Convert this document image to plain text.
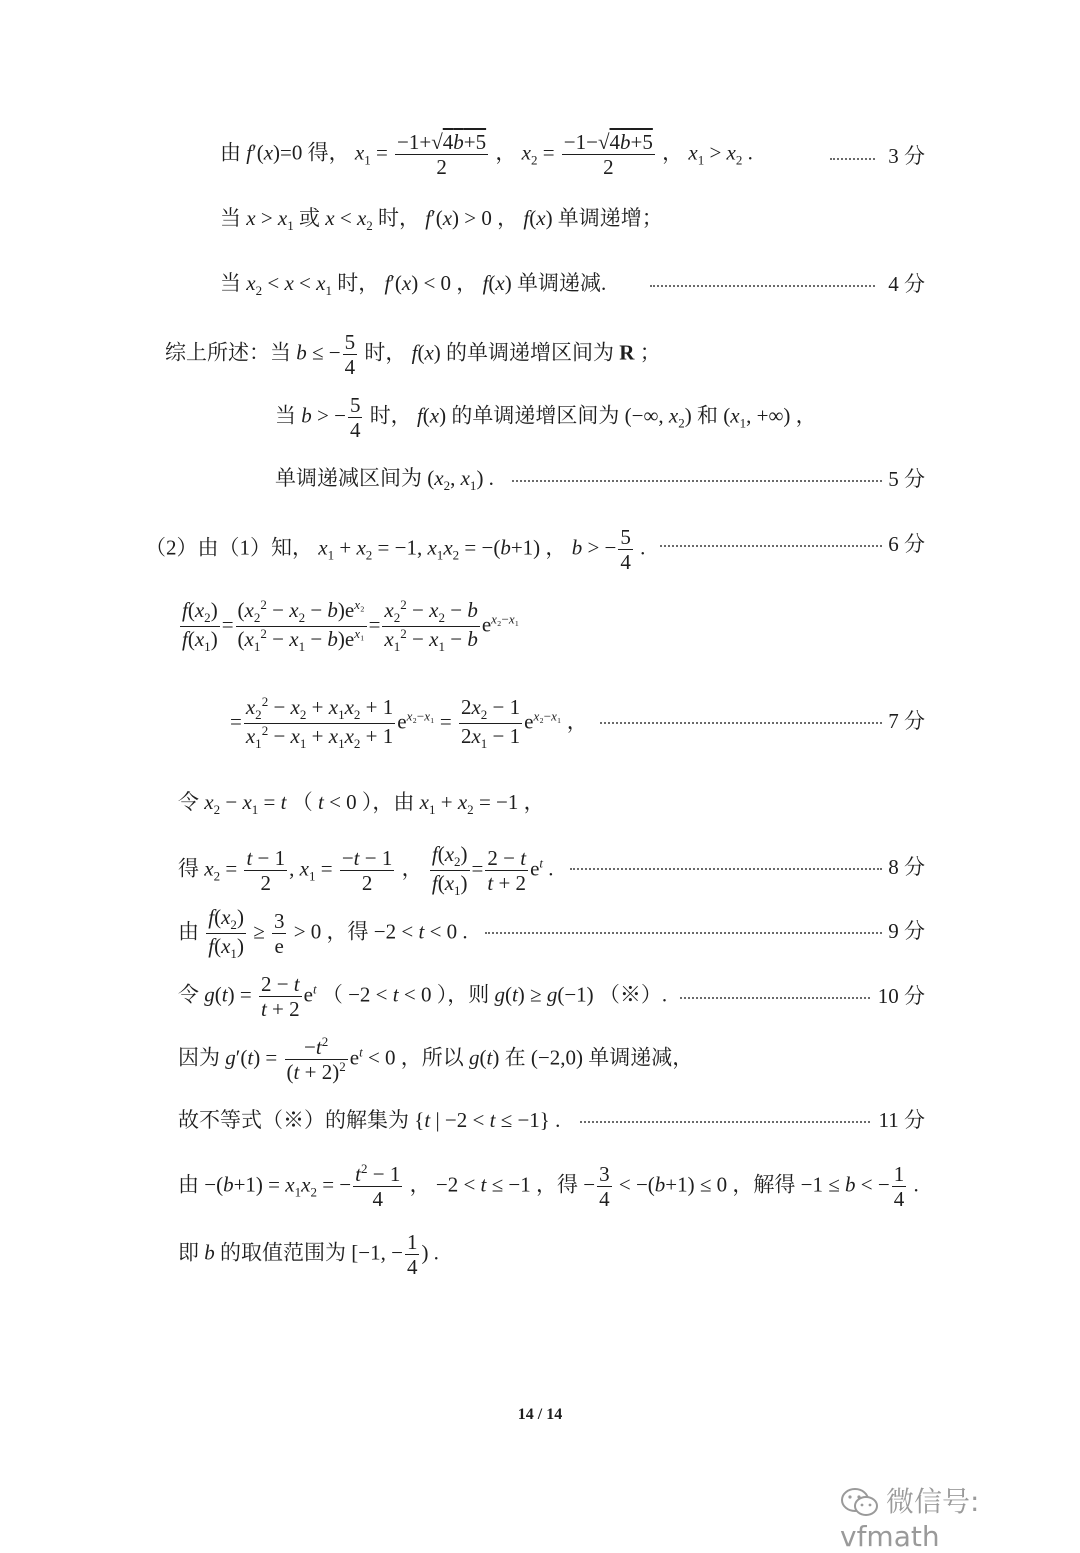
由 f′(x)=0 得， $x_1 = \frac{-1+√4b+5}{2}$ ， $x_2 = \frac{-1-√4b+5}{2}$ ， $x_1 > x_2$ .	3 分
当 $x > x_1$ 或 $x < x_2$ 时， f′(x) > 0 ， f(x) 单调递增；
当 $x_2 < x < x_1$ 时， f′(x) < 0 ， f(x) 单调递减.	4 分
综上所述：当 b ≤ − $\frac{5}{4}$ 时， f(x) 的单调递增区间为 R ；
当 b > − $\frac{5}{4}$ 时， f(x) 的单调递增区间为 (−∞, $x_2$) 和 ($x_1$, +∞) ，
单调递减区间为 ($x_2$, $x_1$) .	5 分
（2）由（1）知， $x_1 + x_2 = -1$, $x_1x_2 = -(b+1)$ ， b > − $\frac{5}{4}$ .	6 分
$\frac{f(x_2)}{f(x_1)} = \frac{(x_2^2 - x_2 - b)e^{x_2}}{(x_1^2 - x_1 - b)e^{x_1}} = \frac{x_2^2 - x_2 - b}{x_1^2 - x_1 - b} e^{x_2-x_1}$
= $\frac{x_2^2 - x_2 + x_1x_2 + 1}{x_1^2 - x_1 + x_1x_2 + 1} e^{x_2-x_1} = \frac{2x_2 - 1}{2x_1 - 1} e^{x_2-x_1}$ ，	7 分
令 $x_2 - x_1 = t$ （ t < 0 ），由 $x_1 + x_2 = -1$ ，
得 $x_2 = \frac{t - 1}{2}$ , $x_1 = \frac{-t - 1}{2}$ ， $\frac{f(x_2)}{f(x_1)} = \frac{2 - t}{t + 2} e^t$ .	8 分
由 $\frac{f(x_2)}{f(x_1)} \ge \frac{3}{e} > 0$ ，得 −2 < t < 0 .	9 分
令 $g(t) = \frac{2 - t}{t + 2} e^t$ （ −2 < t < 0 ），则 g(t) ≥ g(−1) （※）.	10 分
因为 $g'(t) = \frac{-t^2}{(t + 2)^2} e^t < 0$ ，所以 g(t) 在 (−2,0) 单调递减，
故不等式（※）的解集为 {t | −2 < t ≤ −1} .	11 分
由 $-(b+1) = x_1x_2$ = − $\frac{t^2 - 1}{4}$ ， −2 < t ≤ −1 ，得 − $\frac{3}{4} < -(b+1) \le 0$ ，解得 −1 ≤ b < − $\frac{1}{4}$ .
即 b 的取值范围为 [−1, − $\frac{1}{4}$ ) .
14 / 14
微信号: vfmath
